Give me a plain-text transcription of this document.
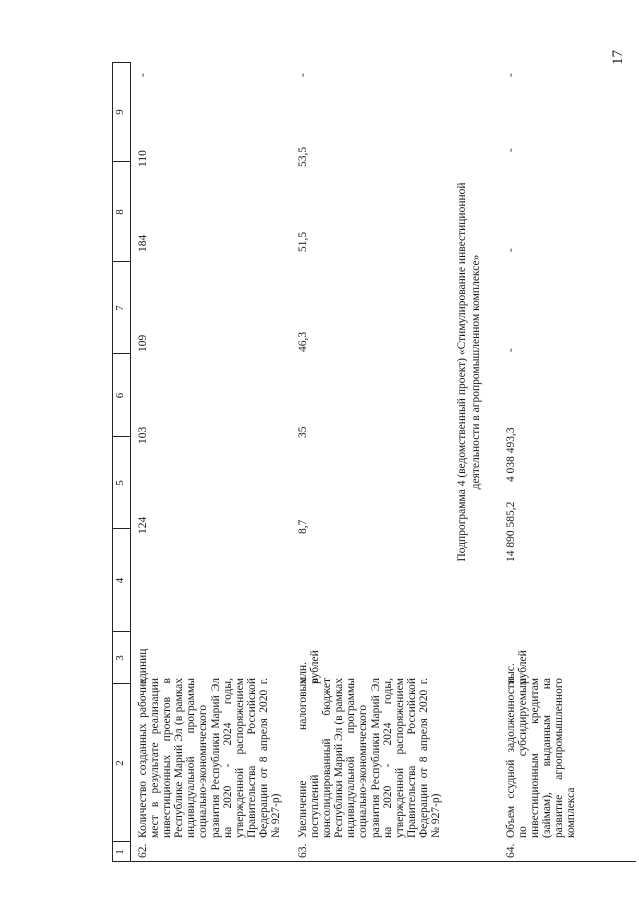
17
1
2
3
4
5
6
7
8
9
62.
Количество созданных рабочих мест в результате реализации инвестиционных проектов в Республике Марий Эл (в рамках индивидуальной программы социально-экономического развития Республики Марий Эл на 2020 - 2024 годы, утвержденной распоряжением Правительства Российской Федерации от 8 апреля 2020 г. № 927-р)
единиц
124
103
109
184
110
-
63.
Увеличение налоговых поступлений в консолидированный бюджет Республики Марий Эл (в рамках индивидуальной программы социально-экономического развития Республики Марий Эл на 2020 - 2024 годы, утвержденной распоряжением Правительства Российской Федерации от 8 апреля 2020 г. № 927-р)
млн. рублей
8,7
35
46,3
51,5
53,5
-
Подпрограмма 4 (ведомственный проект) «Стимулирование инвестиционной деятельности в агропромышленном комплексе»
64.
Объем ссудной задолженности по субсидируемым инвестиционным кредитам (займам), выданным на развитие агропромышленного комплекса
тыс. рублей
14 890 585,2
4 038 493,3
-
-
-
-
